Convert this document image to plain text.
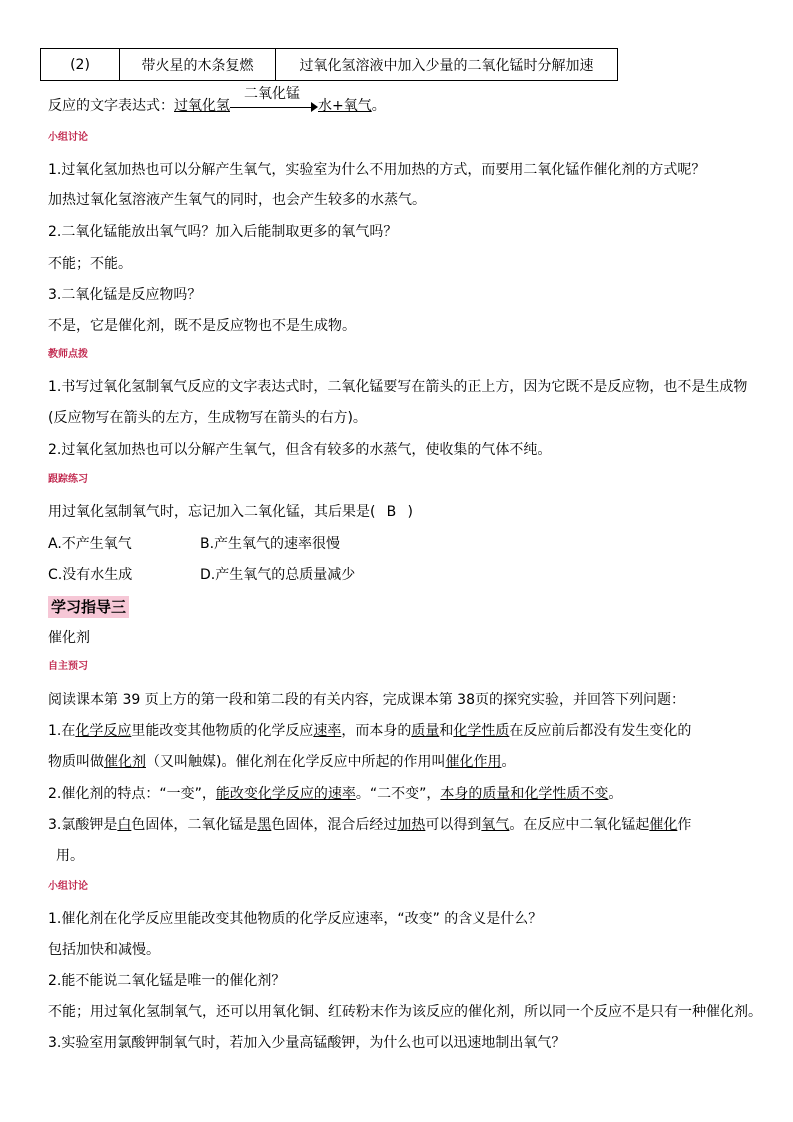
(2)	带火星的木条复燃	过氧化氢溶液中加入少量的二氧化锰时分解加速
反应的文字表达式：过氧化氢
二氧化锰
水+氧气。
小组讨论
1.过氧化氢加热也可以分解产生氧气，实验室为什么不用加热的方式，而要用二氧化锰作催化剂的方式呢？
加热过氧化氢溶液产生氧气的同时，也会产生较多的水蒸气。
2.二氧化锰能放出氧气吗？加入后能制取更多的氧气吗？
不能；不能。
3.二氧化锰是反应物吗？
不是，它是催化剂，既不是反应物也不是生成物。
教师点拨
1.书写过氧化氢制氧气反应的文字表达式时，二氧化锰要写在箭头的正上方，因为它既不是反应物，也不是生成物
(反应物写在箭头的左方，生成物写在箭头的右方)。
2.过氧化氢加热也可以分解产生氧气，但含有较多的水蒸气，使收集的气体不纯。
跟踪练习
用过氧化氢制氧气时，忘记加入二氧化锰，其后果是( B )
A.不产生氧气	B.产生氧气的速率很慢
C.没有水生成	D.产生氧气的总质量减少
学习指导三
催化剂
自主预习
阅读课本第 39 页上方的第一段和第二段的有关内容，完成课本第 38页的探究实验，并回答下列问题：
1.在化学反应里能改变其他物质的化学反应速率，而本身的质量和化学性质在反应前后都没有发生变化的
物质叫做催化剂（又叫触媒)。催化剂在化学反应中所起的作用叫催化作用。
2.催化剂的特点：“一变”，能改变化学反应的速率。“二不变”，本身的质量和化学性质不变。
3.氯酸钾是白色固体，二氧化锰是黑色固体，混合后经过加热可以得到氧气。在反应中二氧化锰起催化作
用。
小组讨论
1.催化剂在化学反应里能改变其他物质的化学反应速率，“改变” 的含义是什么？
包括加快和减慢。
2.能不能说二氧化锰是唯一的催化剂？
不能；用过氧化氢制氧气，还可以用氧化铜、红砖粉末作为该反应的催化剂，所以同一个反应不是只有一种催化剂。
3.实验室用氯酸钾制氧气时，若加入少量高锰酸钾，为什么也可以迅速地制出氧气？
